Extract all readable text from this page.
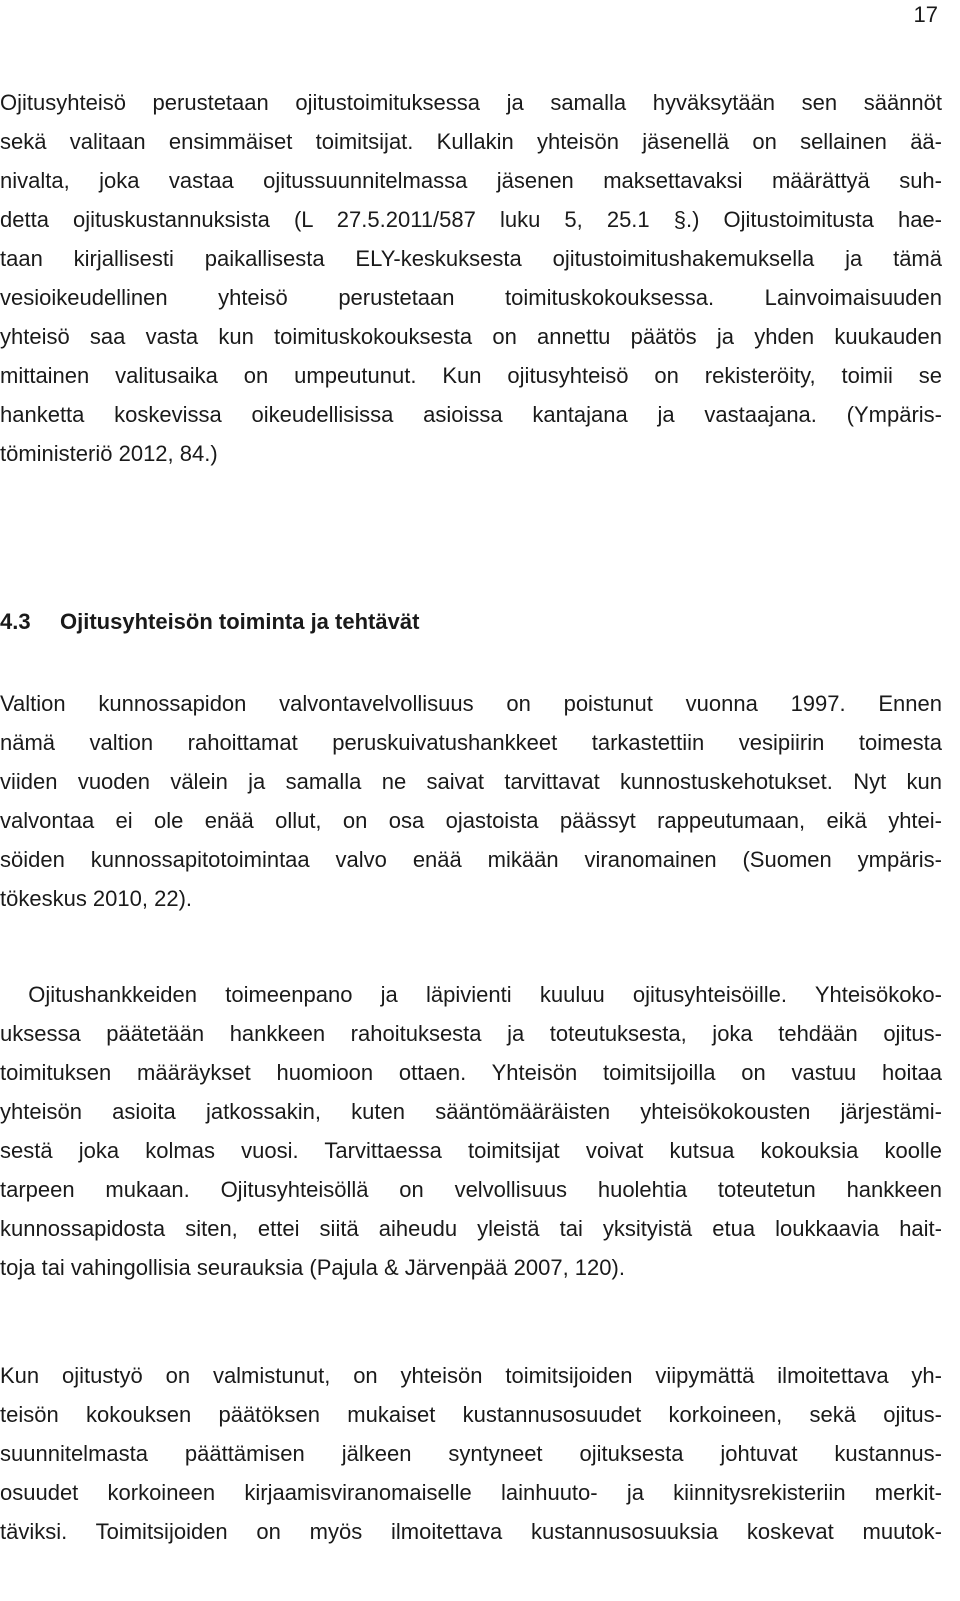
17
Ojitusyhteisö perustetaan ojitustoimituksessa ja samalla hyväksytään sen säännöt
sekä valitaan ensimmäiset toimitsijat. Kullakin yhteisön jäsenellä on sellainen ää-
nivalta, joka vastaa ojitussuunnitelmassa jäsenen maksettavaksi määrättyä suh-
detta ojituskustannuksista (L 27.5.2011/587 luku 5, 25.1 §.) Ojitustoimitusta hae-
taan kirjallisesti paikallisesta ELY-keskuksesta ojitustoimitushakemuksella ja tämä
vesioikeudellinen yhteisö perustetaan toimituskokouksessa. Lainvoimaisuuden
yhteisö saa vasta kun toimituskokouksesta on annettu päätös ja yhden kuukauden
mittainen valitusaika on umpeutunut. Kun ojitusyhteisö on rekisteröity, toimii se
hanketta koskevissa oikeudellisissa asioissa kantajana ja vastaajana. (Ympäris-
töministeriö 2012, 84.)
4.3 Ojitusyhteisön toiminta ja tehtävät
Valtion kunnossapidon valvontavelvollisuus on poistunut vuonna 1997. Ennen
nämä valtion rahoittamat peruskuivatushankkeet tarkastettiin vesipiirin toimesta
viiden vuoden välein ja samalla ne saivat tarvittavat kunnostuskehotukset. Nyt kun
valvontaa ei ole enää ollut, on osa ojastoista päässyt rappeutumaan, eikä yhtei-
söiden kunnossapitotoimintaa valvo enää mikään viranomainen (Suomen ympäris-
tökeskus 2010, 22).
Ojitushankkeiden toimeenpano ja läpivienti kuuluu ojitusyhteisöille. Yhteisökoko-
uksessa päätetään hankkeen rahoituksesta ja toteutuksesta, joka tehdään ojitus-
toimituksen määräykset huomioon ottaen. Yhteisön toimitsijoilla on vastuu hoitaa
yhteisön asioita jatkossakin, kuten sääntömääräisten yhteisökokousten järjestämi-
sestä joka kolmas vuosi. Tarvittaessa toimitsijat voivat kutsua kokouksia koolle
tarpeen mukaan. Ojitusyhteisöllä on velvollisuus huolehtia toteutetun hankkeen
kunnossapidosta siten, ettei siitä aiheudu yleistä tai yksityistä etua loukkaavia hait-
toja tai vahingollisia seurauksia (Pajula & Järvenpää 2007, 120).
Kun ojitustyö on valmistunut, on yhteisön toimitsijoiden viipymättä ilmoitettava yh-
teisön kokouksen päätöksen mukaiset kustannusosuudet korkoineen, sekä ojitus-
suunnitelmasta päättämisen jälkeen syntyneet ojituksesta johtuvat kustannus-
osuudet korkoineen kirjaamisviranomaiselle lainhuuto- ja kiinnitysrekisteriin merkit-
täviksi. Toimitsijoiden on myös ilmoitettava kustannusosuuksia koskevat muutok-
